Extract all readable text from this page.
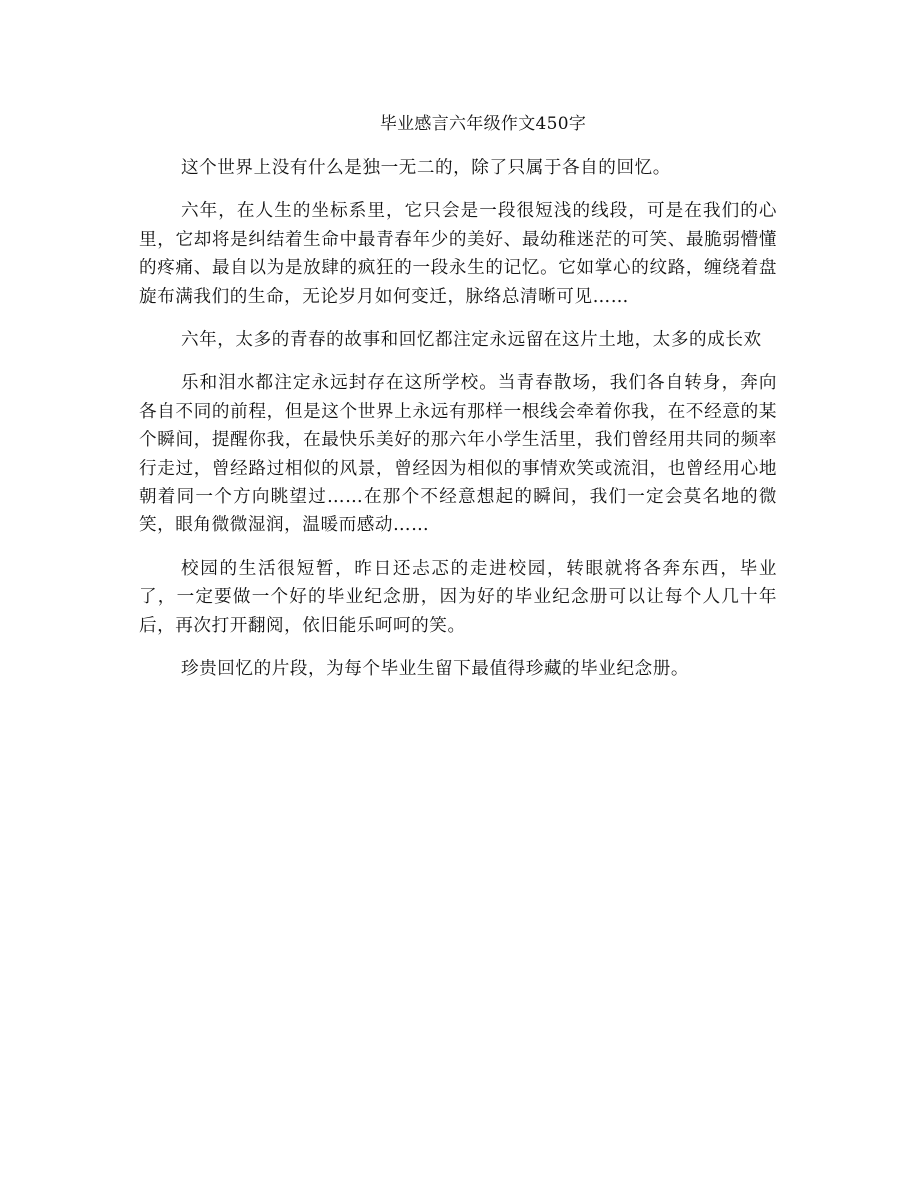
毕业感言六年级作文450字

这个世界上没有什么是独一无二的，除了只属于各自的回忆。

六年，在人生的坐标系里，它只会是一段很短浅的线段，可是在我们的心里，它却将是纠结着生命中最青春年少的美好、最幼稚迷茫的可笑、最脆弱懵懂的疼痛、最自以为是放肆的疯狂的一段永生的记忆。它如掌心的纹路，缠绕着盘旋布满我们的生命，无论岁月如何变迁，脉络总清晰可见……

六年，太多的青春的故事和回忆都注定永远留在这片土地，太多的成长欢

乐和泪水都注定永远封存在这所学校。当青春散场，我们各自转身，奔向各自不同的前程，但是这个世界上永远有那样一根线会牵着你我，在不经意的某个瞬间，提醒你我，在最快乐美好的那六年小学生活里，我们曾经用共同的频率行走过，曾经路过相似的风景，曾经因为相似的事情欢笑或流泪，也曾经用心地朝着同一个方向眺望过……在那个不经意想起的瞬间，我们一定会莫名地的微笑，眼角微微湿润，温暖而感动……

校园的生活很短暂，昨日还忐忑的走进校园，转眼就将各奔东西，毕业了，一定要做一个好的毕业纪念册，因为好的毕业纪念册可以让每个人几十年后，再次打开翻阅，依旧能乐呵呵的笑。

珍贵回忆的片段，为每个毕业生留下最值得珍藏的毕业纪念册。
